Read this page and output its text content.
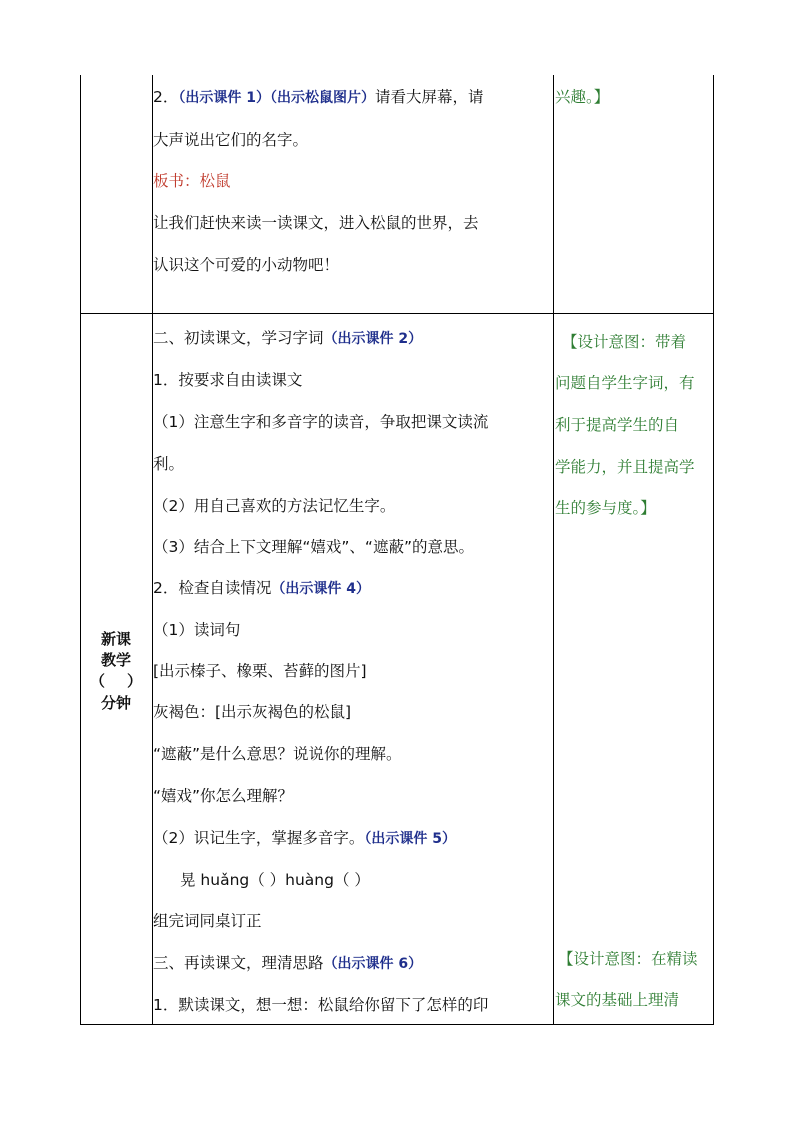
2．（出示课件 1）（出示松鼠图片）请看大屏幕，请
大声说出它们的名字。
板书：松鼠
让我们赶快来读一读课文，进入松鼠的世界，去
认识这个可爱的小动物吧！
兴趣。】
新课
教学
（ ）
分钟
二、初读课文，学习字词（出示课件 2）
1．按要求自由读课文
（1）注意生字和多音字的读音，争取把课文读流
利。
（2）用自己喜欢的方法记忆生字。
（3）结合上下文理解“嬉戏”、“遮蔽”的意思。
2．检查自读情况（出示课件 4）
（1）读词句
[出示榛子、橡栗、苔藓的图片]
灰褐色：[出示灰褐色的松鼠]
“遮蔽”是什么意思？说说你的理解。
“嬉戏”你怎么理解？
（2）识记生字，掌握多音字。（出示课件 5）
晃 huǎng（ ）huàng（ ）
组完词同桌订正
三、再读课文，理清思路（出示课件 6）
1．默读课文，想一想：松鼠给你留下了怎样的印
【设计意图：带着
问题自学生字词，有
利于提高学生的自
学能力，并且提高学
生的参与度。】
【设计意图：在精读
课文的基础上理清
